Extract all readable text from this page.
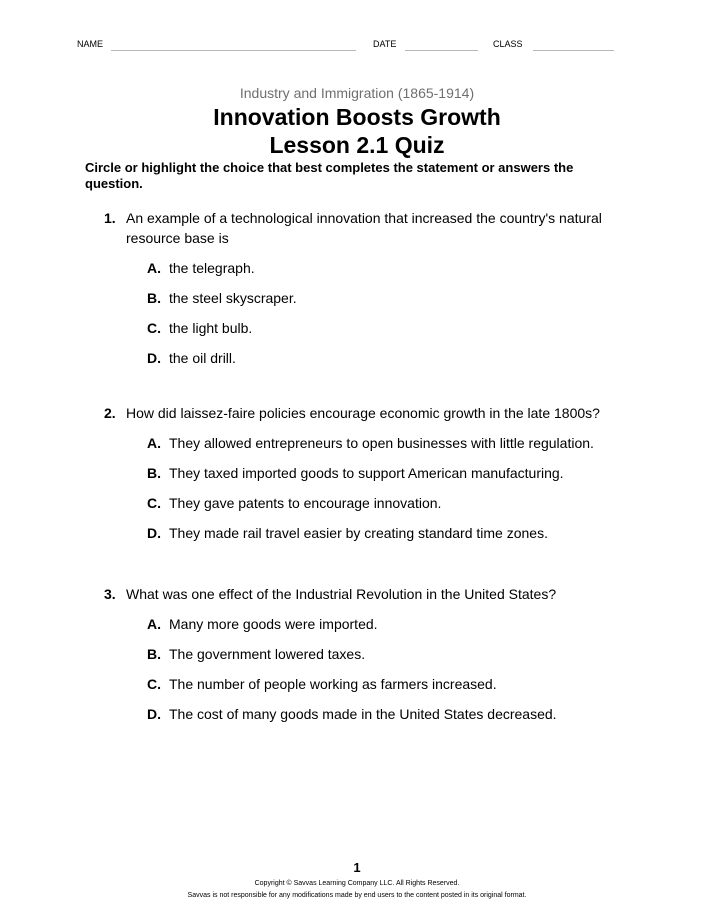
NAME	DATE	CLASS
Industry and Immigration (1865-1914)
Innovation Boosts Growth
Lesson 2.1 Quiz
Circle or highlight the choice that best completes the statement or answers the question.
1. An example of a technological innovation that increased the country's natural resource base is
A. the telegraph.
B. the steel skyscraper.
C. the light bulb.
D. the oil drill.
2. How did laissez-faire policies encourage economic growth in the late 1800s?
A. They allowed entrepreneurs to open businesses with little regulation.
B. They taxed imported goods to support American manufacturing.
C. They gave patents to encourage innovation.
D. They made rail travel easier by creating standard time zones.
3. What was one effect of the Industrial Revolution in the United States?
A. Many more goods were imported.
B. The government lowered taxes.
C. The number of people working as farmers increased.
D. The cost of many goods made in the United States decreased.
1
Copyright © Savvas Learning Company LLC. All Rights Reserved.
Savvas is not responsible for any modifications made by end users to the content posted in its original format.
